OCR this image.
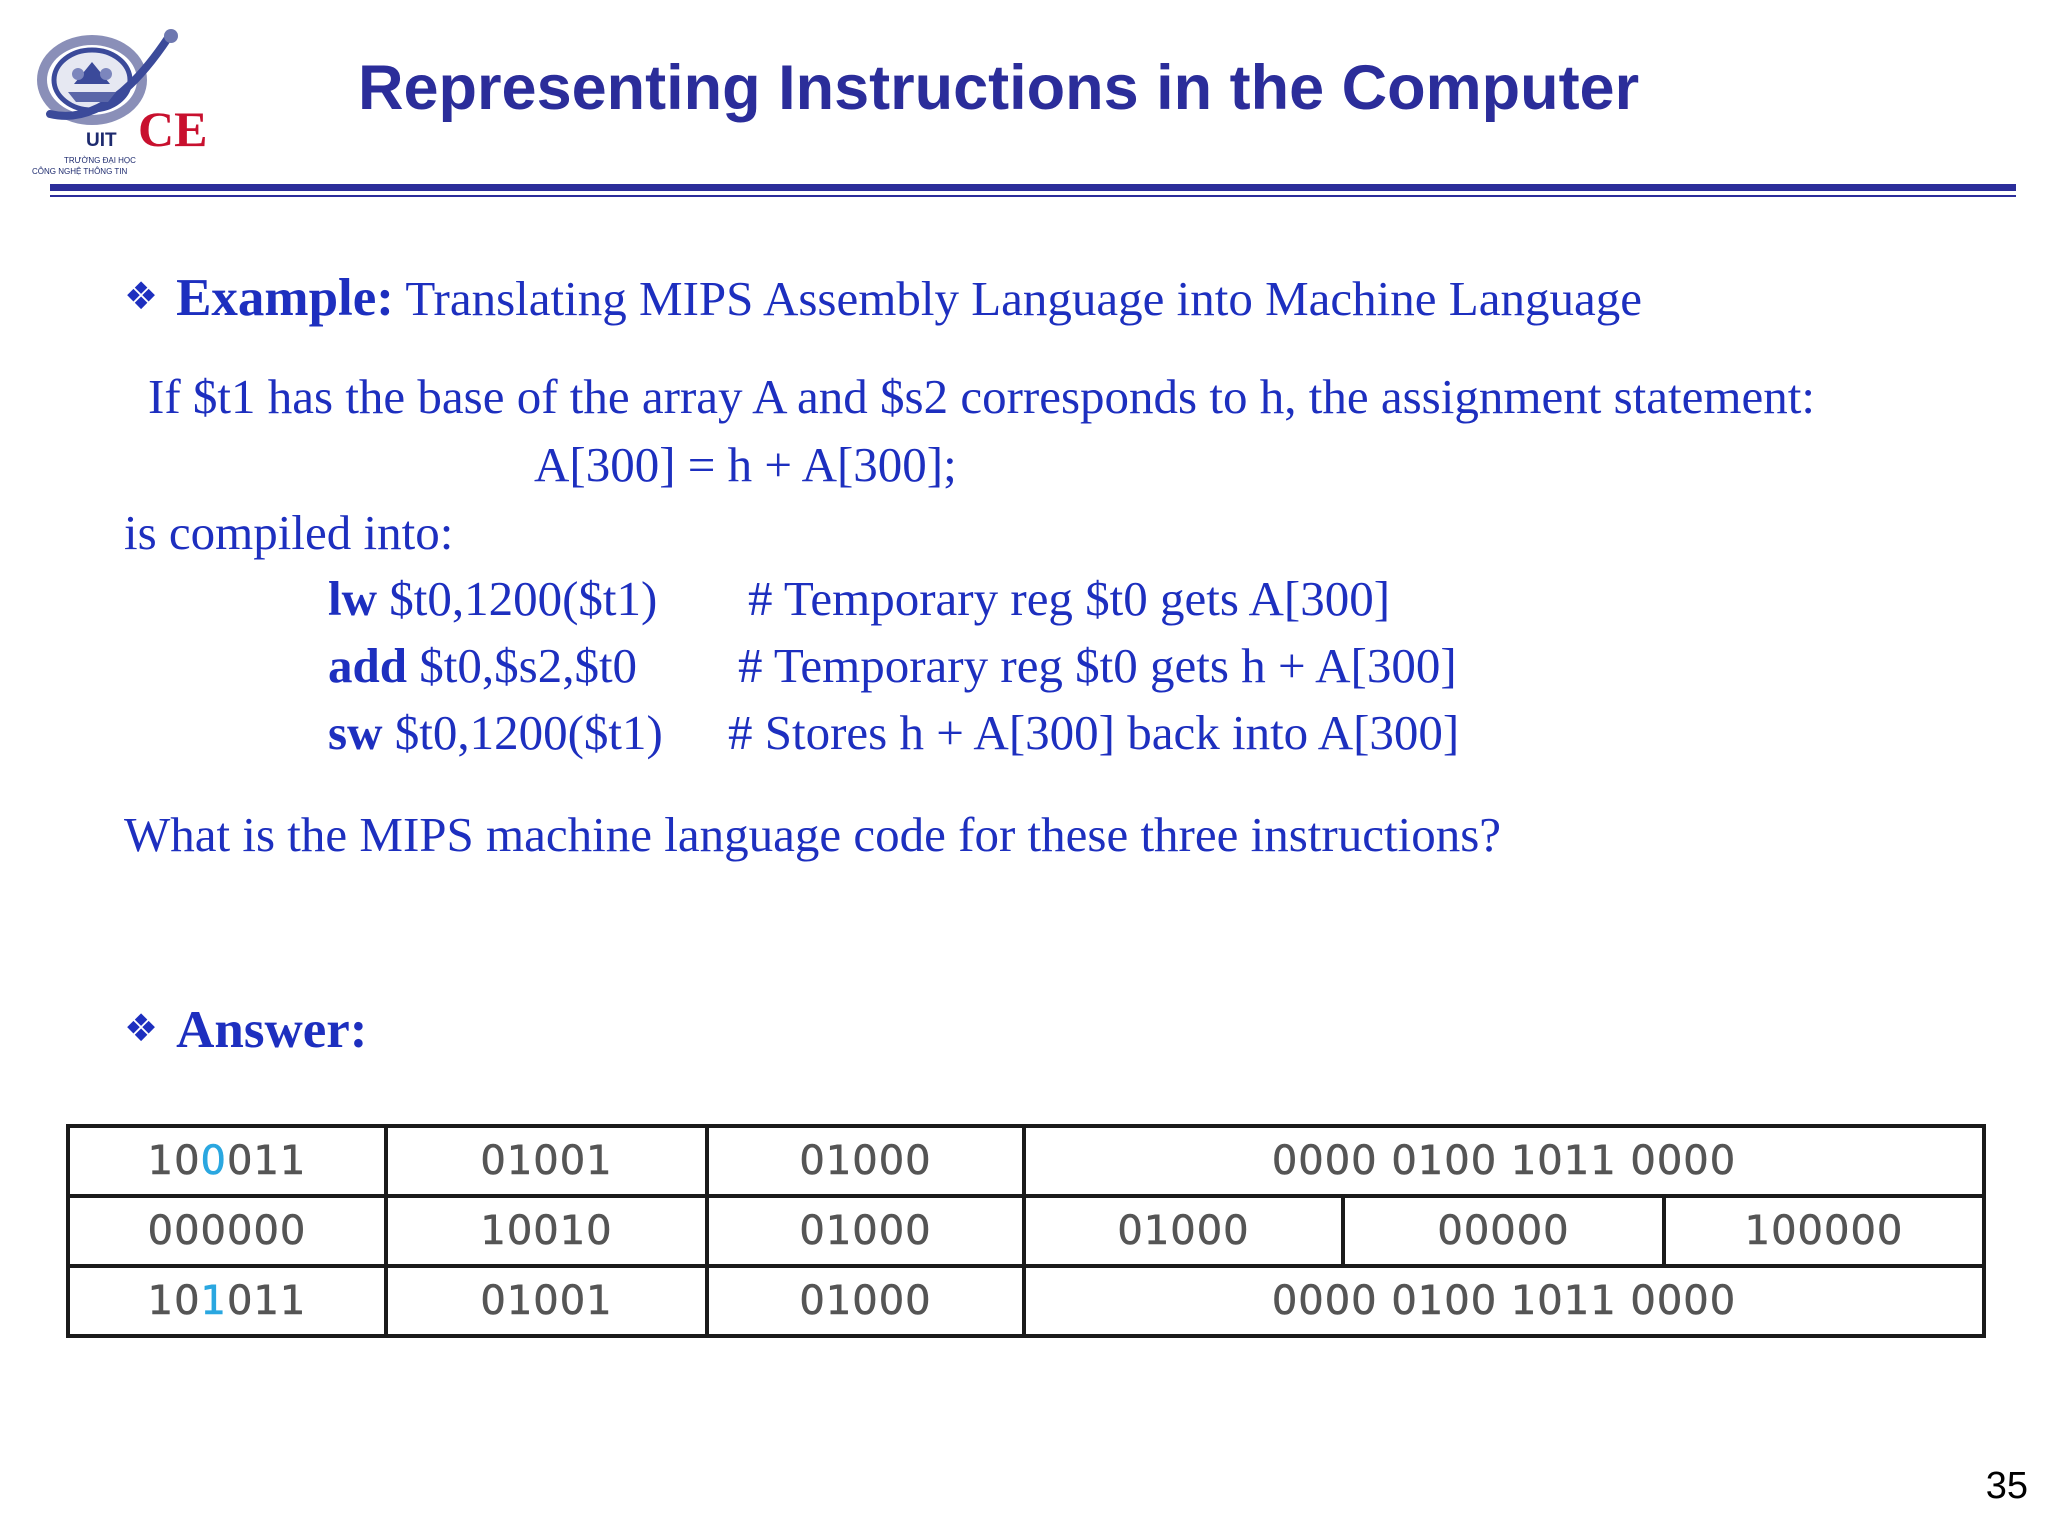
UIT CE
TRƯỜNG ĐẠI HỌC
CÔNG NGHỆ THÔNG TIN
Representing Instructions in the Computer
❖ Example: Translating MIPS Assembly Language into Machine Language
If $t1 has the base of the array A and $s2 corresponds to h, the assignment statement:
A[300] = h + A[300];
is compiled into:
lw $t0,1200($t1) # Temporary reg $t0 gets A[300]
add $t0,$s2,$t0 # Temporary reg $t0 gets h + A[300]
sw $t0,1200($t1) # Stores h + A[300] back into A[300]
What is the MIPS machine language code for these three instructions?
❖ Answer:
100011	01001	01000	0000 0100 1011 0000		
000000	10010	01000	01000	00000	100000
101011	01001	01000	0000 0100 1011 0000		
35
